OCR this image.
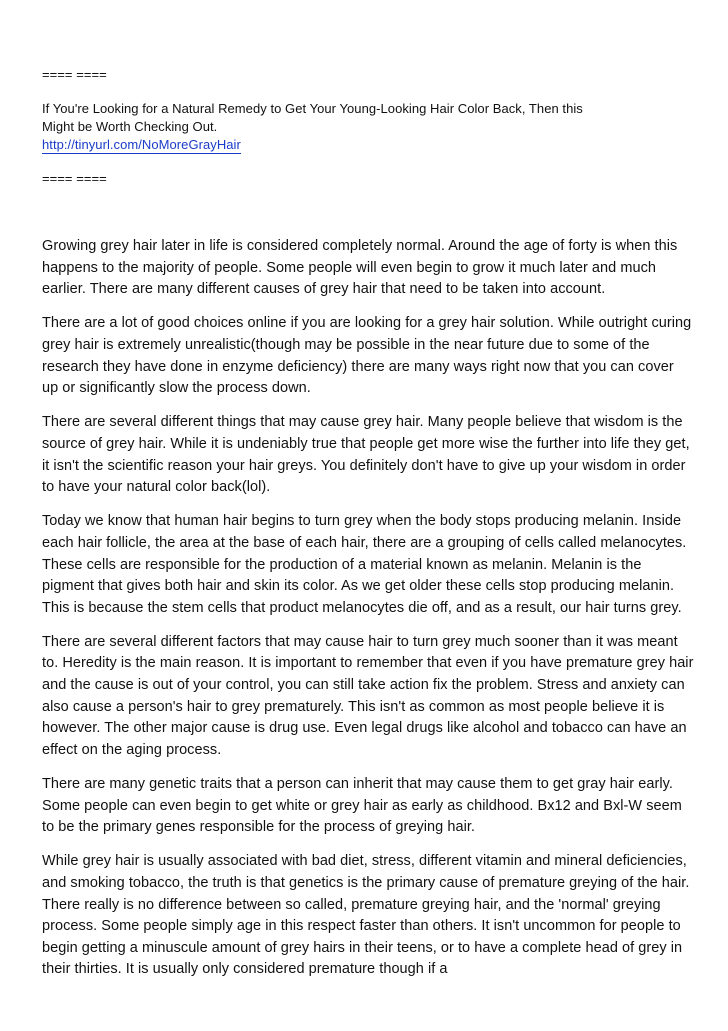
==== ====
If You're Looking for a Natural Remedy to Get Your Young-Looking Hair Color Back, Then this
Might be Worth Checking Out.
http://tinyurl.com/NoMoreGrayHair
==== ====

Growing grey hair later in life is considered completely normal. Around the age of forty is when this happens to the majority of people. Some people will even begin to grow it much later and much earlier. There are many different causes of grey hair that need to be taken into account.

There are a lot of good choices online if you are looking for a grey hair solution. While outright curing grey hair is extremely unrealistic(though may be possible in the near future due to some of the research they have done in enzyme deficiency) there are many ways right now that you can cover up or significantly slow the process down.

There are several different things that may cause grey hair. Many people believe that wisdom is the source of grey hair. While it is undeniably true that people get more wise the further into life they get, it isn't the scientific reason your hair greys. You definitely don't have to give up your wisdom in order to have your natural color back(lol).

Today we know that human hair begins to turn grey when the body stops producing melanin. Inside each hair follicle, the area at the base of each hair, there are a grouping of cells called melanocytes. These cells are responsible for the production of a material known as melanin. Melanin is the pigment that gives both hair and skin its color. As we get older these cells stop producing melanin. This is because the stem cells that product melanocytes die off, and as a result, our hair turns grey.

There are several different factors that may cause hair to turn grey much sooner than it was meant to. Heredity is the main reason. It is important to remember that even if you have premature grey hair and the cause is out of your control, you can still take action fix the problem. Stress and anxiety can also cause a person's hair to grey prematurely. This isn't as common as most people believe it is however. The other major cause is drug use. Even legal drugs like alcohol and tobacco can have an effect on the aging process.

There are many genetic traits that a person can inherit that may cause them to get gray hair early. Some people can even begin to get white or grey hair as early as childhood. Bx12 and Bxl-W seem to be the primary genes responsible for the process of greying hair.

While grey hair is usually associated with bad diet, stress, different vitamin and mineral deficiencies, and smoking tobacco, the truth is that genetics is the primary cause of premature greying of the hair. There really is no difference between so called, premature greying hair, and the 'normal' greying process. Some people simply age in this respect faster than others. It isn't uncommon for people to begin getting a minuscule amount of grey hairs in their teens, or to have a complete head of grey in their thirties. It is usually only considered premature though if a
